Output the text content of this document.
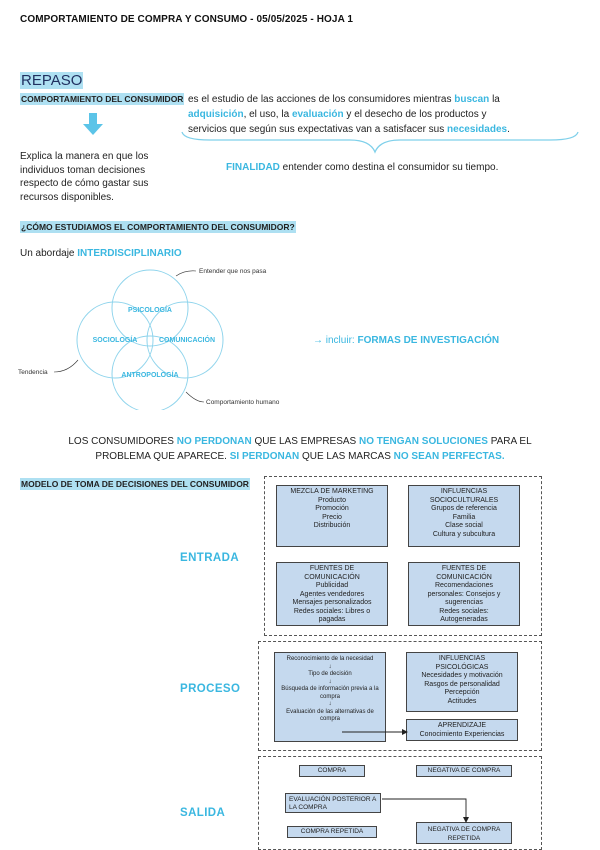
COMPORTAMIENTO DE COMPRA Y CONSUMO - 05/05/2025 - HOJA 1
REPASO
COMPORTAMIENTO DEL CONSUMIDOR es el estudio de las acciones de los consumidores mientras buscan la
adquisición, el uso, la evaluación y el desecho de los productos y
servicios que según sus expectativas van a satisfacer sus necesidades.
Explica la manera en que los individuos toman decisiones respecto de cómo gastar sus recursos disponibles.
FINALIDAD entender como destina el consumidor su tiempo.
¿CÓMO ESTUDIAMOS EL COMPORTAMIENTO DEL CONSUMIDOR?
Un abordaje INTERDISCIPLINARIO
PSICOLOGÍA
SOCIOLOGÍA	COMUNICACIÓN
ANTROPOLOGÍA
Entender que nos pasa
Tendencia
Comportamiento humano
→ incluir: FORMAS DE INVESTIGACIÓN
LOS CONSUMIDORES NO PERDONAN QUE LAS EMPRESAS NO TENGAN SOLUCIONES PARA EL
PROBLEMA QUE APARECE. SI PERDONAN QUE LAS MARCAS NO SEAN PERFECTAS.
MODELO DE TOMA DE DECISIONES DEL CONSUMIDOR
ENTRADA
PROCESO
SALIDA
MEZCLA DE MARKETING
Producto
Promoción
Precio
Distribución
INFLUENCIAS
SOCIOCULTURALES
Grupos de referencia
Familia
Clase social
Cultura y subcultura
FUENTES DE
COMUNICACIÓN
Publicidad
Agentes vendedores
Mensajes personalizados
Redes sociales: Libres o
pagadas
FUENTES DE
COMUNICACIÓN
Recomendaciones
personales: Consejos y
sugerencias
Redes sociales:
Autogeneradas
Reconocimiento de la necesidad
↓
Tipo de decisión
↓
Búsqueda de información previa a la compra
↓
Evaluación de las alternativas de compra
INFLUENCIAS
PSICOLÓGICAS
Necesidades y motivación
Rasgos de personalidad
Percepción
Actitudes
APRENDIZAJE
Conocimiento Experiencias
COMPRA	NEGATIVA DE COMPRA
EVALUACIÓN POSTERIOR A LA COMPRA
COMPRA REPETIDA	NEGATIVA DE COMPRA REPETIDA
